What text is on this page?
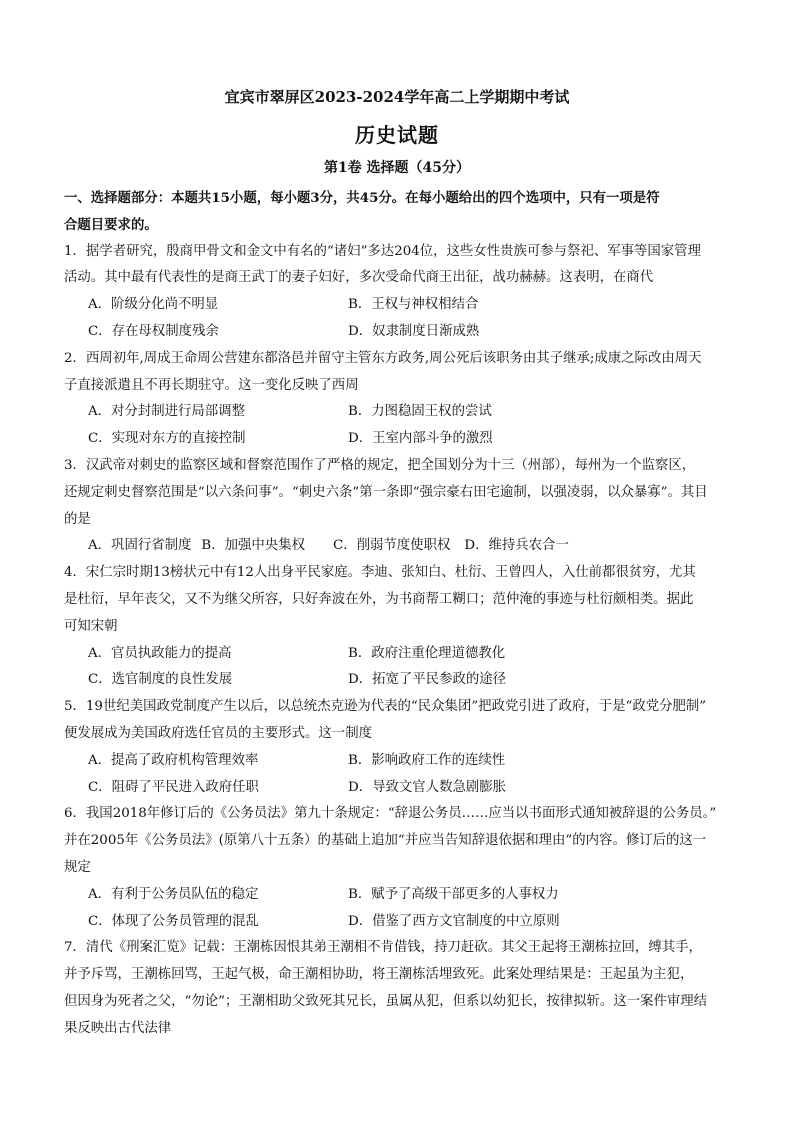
宜宾市翠屏区2023-2024学年高二上学期期中考试
历史试题
第1卷 选择题（45分）

一、选择题部分：本题共15小题，每小题3分，共45分。在每小题给出的四个选项中，只有一项是符
合题目要求的。

1．据学者研究，殷商甲骨文和金文中有名的“诸妇”多达204位，这些女性贵族可参与祭祀、军事等国家管理
活动。其中最有代表性的是商王武丁的妻子妇好，多次受命代商王出征，战功赫赫。这表明，在商代

A．阶级分化尚不明显	B．王权与神权相结合
C．存在母权制度残余	D．奴隶制度日渐成熟

2．西周初年,周成王命周公营建东都洛邑并留守主管东方政务,周公死后该职务由其子继承;成康之际改由周天
子直接派遣且不再长期驻守。这一变化反映了西周

A．对分封制进行局部调整	B．力图稳固王权的尝试
C．实现对东方的直接控制	D．王室内部斗争的激烈

3．汉武帝对刺史的监察区域和督察范围作了严格的规定，把全国划分为十三（州部），每州为一个监察区，
还规定刺史督察范围是“以六条问事”。“刺史六条”第一条即“强宗豪右田宅逾制，以强凌弱，以众暴寡”。其目
的是

A．巩固行省制度 B．加强中央集权 C．削弱节度使职权 D．维持兵农合一

4．宋仁宗时期13榜状元中有12人出身平民家庭。李迪、张知白、杜衍、王曾四人，入仕前都很贫穷，尤其
是杜衍，早年丧父，又不为继父所容，只好奔波在外，为书商帮工糊口；范仲淹的事迹与杜衍颇相类。据此
可知宋朝

A．官员执政能力的提高	B．政府注重伦理道德教化
C．选官制度的良性发展	D．拓宽了平民参政的途径

5．19世纪美国政党制度产生以后，以总统杰克逊为代表的“民众集团”把政党引进了政府，于是“政党分肥制”
便发展成为美国政府选任官员的主要形式。这一制度

A．提高了政府机构管理效率	B．影响政府工作的连续性
C．阻碍了平民进入政府任职	D．导致文官人数急剧膨胀

6．我国2018年修订后的《公务员法》第九十条规定：“辞退公务员……应当以书面形式通知被辞退的公务员。”
并在2005年《公务员法》(原第八十五条）的基础上追加“并应当告知辞退依据和理由”的内容。修订后的这一
规定

A．有利于公务员队伍的稳定	B．赋予了高级干部更多的人事权力
C．体现了公务员管理的混乱	D．借鉴了西方文官制度的中立原则

7．清代《刑案汇览》记载：王潮栋因恨其弟王潮相不肯借钱，持刀赶砍。其父王起将王潮栋拉回，缚其手，
并予斥骂，王潮栋回骂，王起气极，命王潮相协助，将王潮栋活埋致死。此案处理结果是：王起虽为主犯，
但因身为死者之父，“勿论”；王潮相助父致死其兄长，虽属从犯，但系以幼犯长，按律拟斩。这一案件审理结
果反映出古代法律
